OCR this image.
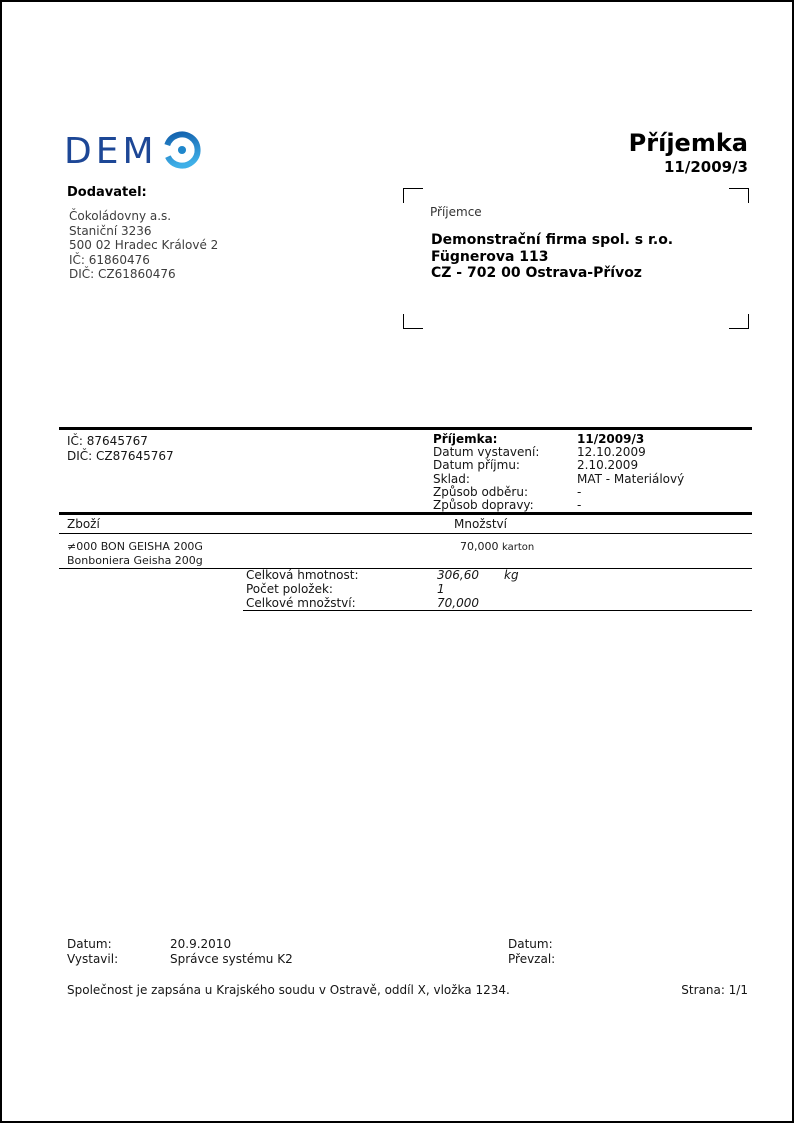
DEM	Příjemka
11/2009/3
Dodavatel:
Čokoládovny a.s.
Staniční 3236
500 02 Hradec Králové 2
IČ: 61860476
DIČ: CZ61860476
Příjemce
Demonstrační firma spol. s r.o.
Fügnerova 113
CZ - 702 00 Ostrava-Přívoz
IČ: 87645767
DIČ: CZ87645767
Příjemka:	11/2009/3
Datum vystavení:	12.10.2009
Datum příjmu:	2.10.2009
Sklad:	MAT - Materiálový
Způsob odběru:	-
Způsob dopravy:	-
Zboží	Množství
≠000 BON GEISHA 200G	70,000 karton
Bonboniera Geisha 200g
Celková hmotnost:	306,60	kg
Počet položek:	1
Celkové množství:	70,000
Datum:	20.9.2010
Vystavil:	Správce systému K2
Datum:
Převzal:
Společnost je zapsána u Krajského soudu v Ostravě, oddíl X, vložka 1234.	Strana: 1/1
